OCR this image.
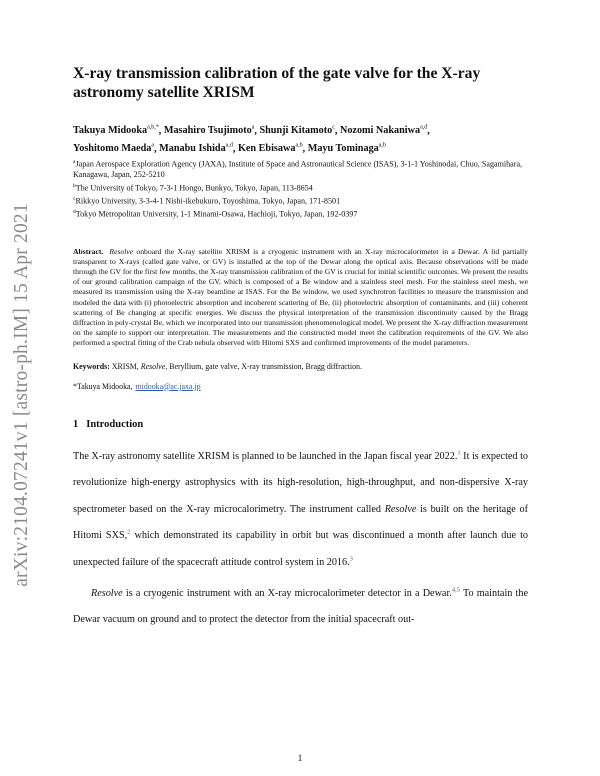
arXiv:2104.07241v1 [astro-ph.IM] 15 Apr 2021
X-ray transmission calibration of the gate valve for the X-ray astronomy satellite XRISM
Takuya Midooka$^{a,b,*}$, Masahiro Tsujimoto$^a$, Shunji Kitamoto$^c$, Nozomi Nakaniwa$^{a,d}$,
Yoshitomo Maeda$^a$, Manabu Ishida$^{a,d}$, Ken Ebisawa$^{a,b}$, Mayu Tominaga$^{a,b}$
$^a$Japan Aerospace Exploration Agency (JAXA), Institute of Space and Astronautical Science (ISAS), 3-1-1 Yoshinodai, Chuo, Sagamihara, Kanagawa, Japan, 252-5210
$^b$The University of Tokyo, 7-3-1 Hongo, Bunkyo, Tokyo, Japan, 113-8654
$^c$Rikkyo University, 3-3-4-1 Nishi-ikebukuro, Toyoshima, Tokyo, Japan, 171-8501
$^d$Tokyo Metropolitan University, 1-1 Minami-Osawa, Hachioji, Tokyo, Japan, 192-0397
Abstract. Resolve onboard the X-ray satellite XRISM is a cryogenic instrument with an X-ray microcalorimeter in a Dewar. A lid partially transparent to X-rays (called gate valve, or GV) is installed at the top of the Dewar along the optical axis. Because observations will be made through the GV for the first few months, the X-ray transmission calibration of the GV is crucial for initial scientific outcomes. We present the results of our ground calibration campaign of the GV, which is composed of a Be window and a stainless steel mesh. For the stainless steel mesh, we measured its transmission using the X-ray beamline at ISAS. For the Be window, we used synchrotron facilities to measure the transmission and modeled the data with (i) photoelectric absorption and incoherent scattering of Be, (ii) photoelectric absorption of contaminants, and (iii) coherent scattering of Be changing at specific energies. We discuss the physical interpretation of the transmission discontinuity caused by the Bragg diffraction in poly-crystal Be, which we incorporated into our transmission phenomenological model. We present the X-ray diffraction measurement on the sample to support our interpretation. The measurements and the constructed model meet the calibration requirements of the GV. We also performed a spectral fitting of the Crab nebula observed with Hitomi SXS and confirmed improvements of the model parameters.
Keywords: XRISM, Resolve, Beryllium, gate valve, X-ray transmission, Bragg diffraction.
*Takuya Midooka, midooka@ac.jaxa.jp
1 Introduction

The X-ray astronomy satellite XRISM is planned to be launched in the Japan fiscal year 2022.$^1$ It is expected to revolutionize high-energy astrophysics with its high-resolution, high-throughput, and non-dispersive X-ray spectrometer based on the X-ray microcalorimetry. The instrument called Resolve is built on the heritage of Hitomi SXS,$^2$ which demonstrated its capability in orbit but was discontinued a month after launch due to unexpected failure of the spacecraft attitude control system in 2016.$^3$

Resolve is a cryogenic instrument with an X-ray microcalorimeter detector in a Dewar.$^{4,5}$ To maintain the Dewar vacuum on ground and to protect the detector from the initial spacecraft out-

1
